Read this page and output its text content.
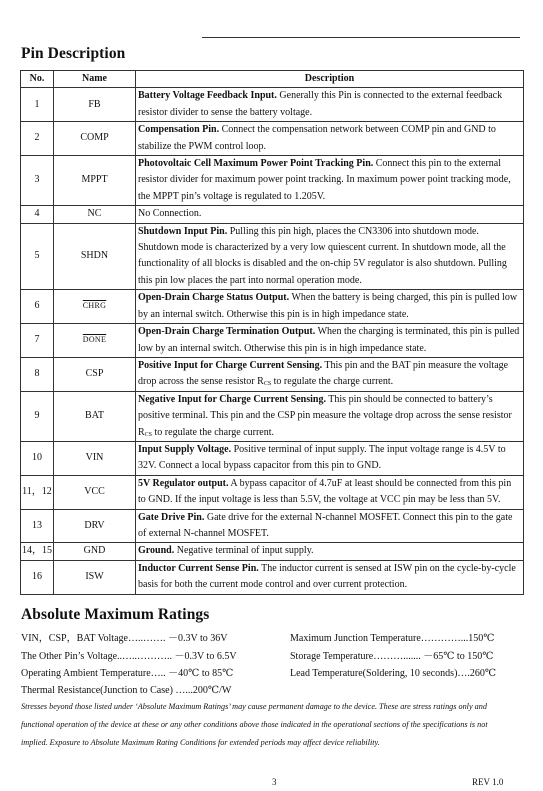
Pin Description
No.	Name	Description
1	FB	Battery Voltage Feedback Input. Generally this Pin is connected to the external feedback resistor divider to sense the battery voltage.
2	COMP	Compensation Pin. Connect the compensation network between COMP pin and GND to stabilize the PWM control loop.
3	MPPT	Photovoltaic Cell Maximum Power Point Tracking Pin. Connect this pin to the external resistor divider for maximum power point tracking. In maximum power point tracking mode, the MPPT pin’s voltage is regulated to 1.205V.
4	NC	No Connection.
5	SHDN	Shutdown Input Pin. Pulling this pin high, places the CN3306 into shutdown mode. Shutdown mode is characterized by a very low quiescent current. In shutdown mode, all the functionality of all blocks is disabled and the on-chip 5V regulator is also shutdown. Pulling this pin low places the part into normal operation mode.
6	CHRG	Open-Drain Charge Status Output. When the battery is being charged, this pin is pulled low by an internal switch. Otherwise this pin is in high impedance state.
7	DONE	Open-Drain Charge Termination Output. When the charging is terminated, this pin is pulled low by an internal switch. Otherwise this pin is in high impedance state.
8	CSP	Positive Input for Charge Current Sensing. This pin and the BAT pin measure the voltage drop across the sense resistor $R_{CS}$ to regulate the charge current.
9	BAT	Negative Input for Charge Current Sensing. This pin should be connected to battery’s positive terminal. This pin and the CSP pin measure the voltage drop across the sense resistor $R_{CS}$ to regulate the charge current.
10	VIN	Input Supply Voltage. Positive terminal of input supply. The input voltage range is 4.5V to 32V. Connect a local bypass capacitor from this pin to GND.
11，12	VCC	5V Regulator output. A bypass capacitor of 4.7uF at least should be connected from this pin to GND. If the input voltage is less than 5.5V, the voltage at VCC pin may be less than 5V.
13	DRV	Gate Drive Pin. Gate drive for the external N-channel MOSFET. Connect this pin to the gate of external N-channel MOSFET.
14，15	GND	Ground. Negative terminal of input supply.
16	ISW	Inductor Current Sense Pin. The inductor current is sensed at ISW pin on the cycle-by-cycle basis for both the current mode control and over current protection.
Absolute Maximum Ratings
VIN，CSP，BAT Voltage…..……. －0.3V to 36V
The Other Pin’s Voltage..…..……….. －0.3V to 6.5V
Operating Ambient Temperature….. －40℃ to 85℃
Thermal Resistance(Junction to Case) …...200℃/W
Maximum Junction Temperature…………...150℃
Storage Temperature………....... －65℃ to 150℃
Lead Temperature(Soldering, 10 seconds)….260℃
Stresses beyond those listed under ‘Absolute Maximum Ratings’ may cause permanent damage to the device. These are stress ratings only and functional operation of the device at these or any other conditions above those indicated in the operational sections of the specifications is not implied. Exposure to Absolute Maximum Rating Conditions for extended periods may affect device reliability.
3	REV 1.0
